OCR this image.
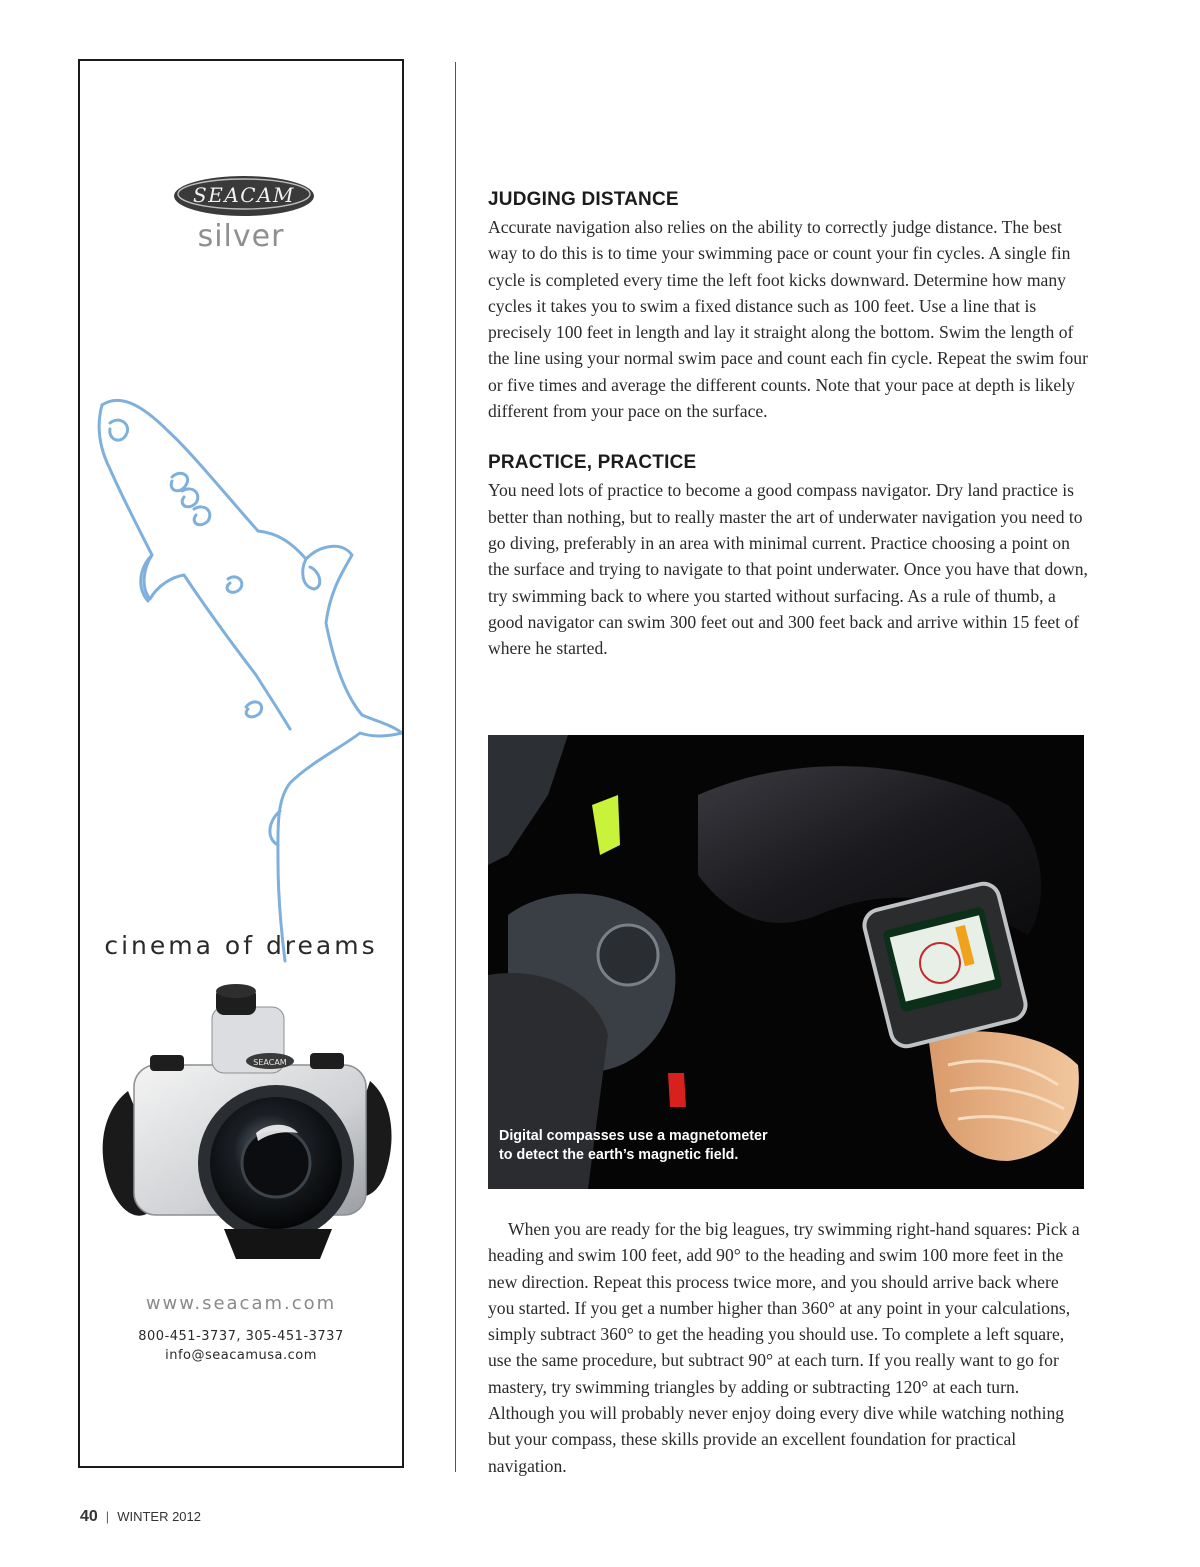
SEACAM
silver
cinema of dreams
SEACAM
www.seacam.com
800-451-3737, 305-451-3737
info@seacamusa.com
JUDGING DISTANCE

Accurate navigation also relies on the ability to correctly judge distance. The best way to do this is to time your swimming pace or count your fin cycles. A single fin cycle is completed every time the left foot kicks downward. Determine how many cycles it takes you to swim a fixed distance such as 100 feet. Use a line that is precisely 100 feet in length and lay it straight along the bottom. Swim the length of the line using your normal swim pace and count each fin cycle. Repeat the swim four or five times and average the different counts. Note that your pace at depth is likely different from your pace on the surface.

PRACTICE, PRACTICE

You need lots of practice to become a good compass navigator. Dry land practice is better than nothing, but to really master the art of underwater navigation you need to go diving, preferably in an area with minimal current. Practice choosing a point on the surface and trying to navigate to that point underwater. Once you have that down, try swimming back to where you started without surfacing. As a rule of thumb, a good navigator can swim 300 feet out and 300 feet back and arrive within 15 feet of where he started.

Digital compasses use a magnetometer
to detect the earth’s magnetic field.

When you are ready for the big leagues, try swimming right-hand squares: Pick a heading and swim 100 feet, add 90° to the heading and swim 100 more feet in the new direction. Repeat this process twice more, and you should arrive back where you started. If you get a number higher than 360° at any point in your calculations, simply subtract 360° to get the heading you should use. To complete a left square, use the same procedure, but subtract 90° at each turn. If you really want to go for mastery, try swimming triangles by adding or subtracting 120° at each turn. Although you will probably never enjoy doing every dive while watching nothing but your compass, these skills provide an excellent foundation for practical navigation.

40 | WINTER 2012
